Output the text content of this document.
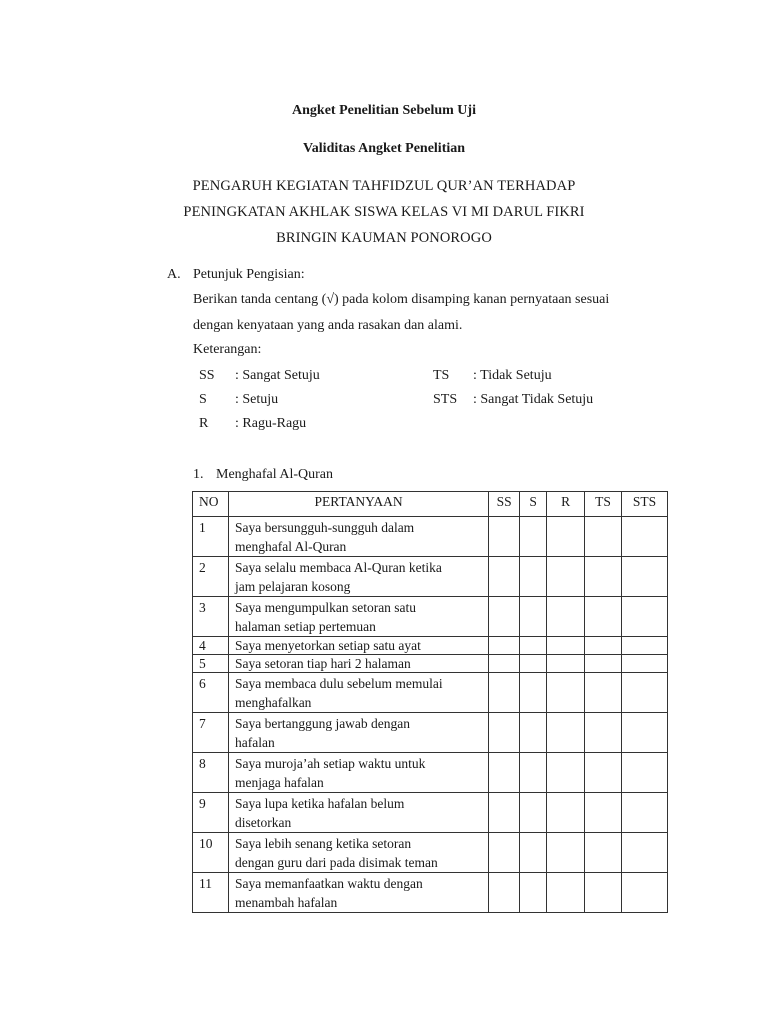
Angket Penelitian Sebelum Uji
Validitas Angket Penelitian
PENGARUH KEGIATAN TAHFIDZUL QUR’AN TERHADAP
PENINGKATAN AKHLAK SISWA KELAS VI MI DARUL FIKRI
BRINGIN KAUMAN PONOROGO
A. Petunjuk Pengisian:
Berikan tanda centang (√) pada kolom disamping kanan pernyataan sesuai
dengan kenyataan yang anda rasakan dan alami.
Keterangan:
SS : Sangat Setuju
S : Setuju
R : Ragu-Ragu
TS : Tidak Setuju
STS : Sangat Tidak Setuju
1. Menghafal Al-Quran
NO	PERTANYAAN	SS	S	R	TS	STS
1	Saya bersungguh-sungguh dalam
menghafal Al-Quran					

2	Saya selalu membaca Al-Quran ketika
jam pelajaran kosong					

3	Saya mengumpulkan setoran satu
halaman setiap pertemuan					

4	Saya menyetorkan setiap satu ayat					

5	Saya setoran tiap hari 2 halaman					

6	Saya membaca dulu sebelum memulai
menghafalkan					

7	Saya bertanggung jawab dengan
hafalan					

8	Saya muroja’ah setiap waktu untuk
menjaga hafalan					

9	Saya lupa ketika hafalan belum
disetorkan					

10	Saya lebih senang ketika setoran
dengan guru dari pada disimak teman					

11	Saya memanfaatkan waktu dengan
menambah hafalan					
